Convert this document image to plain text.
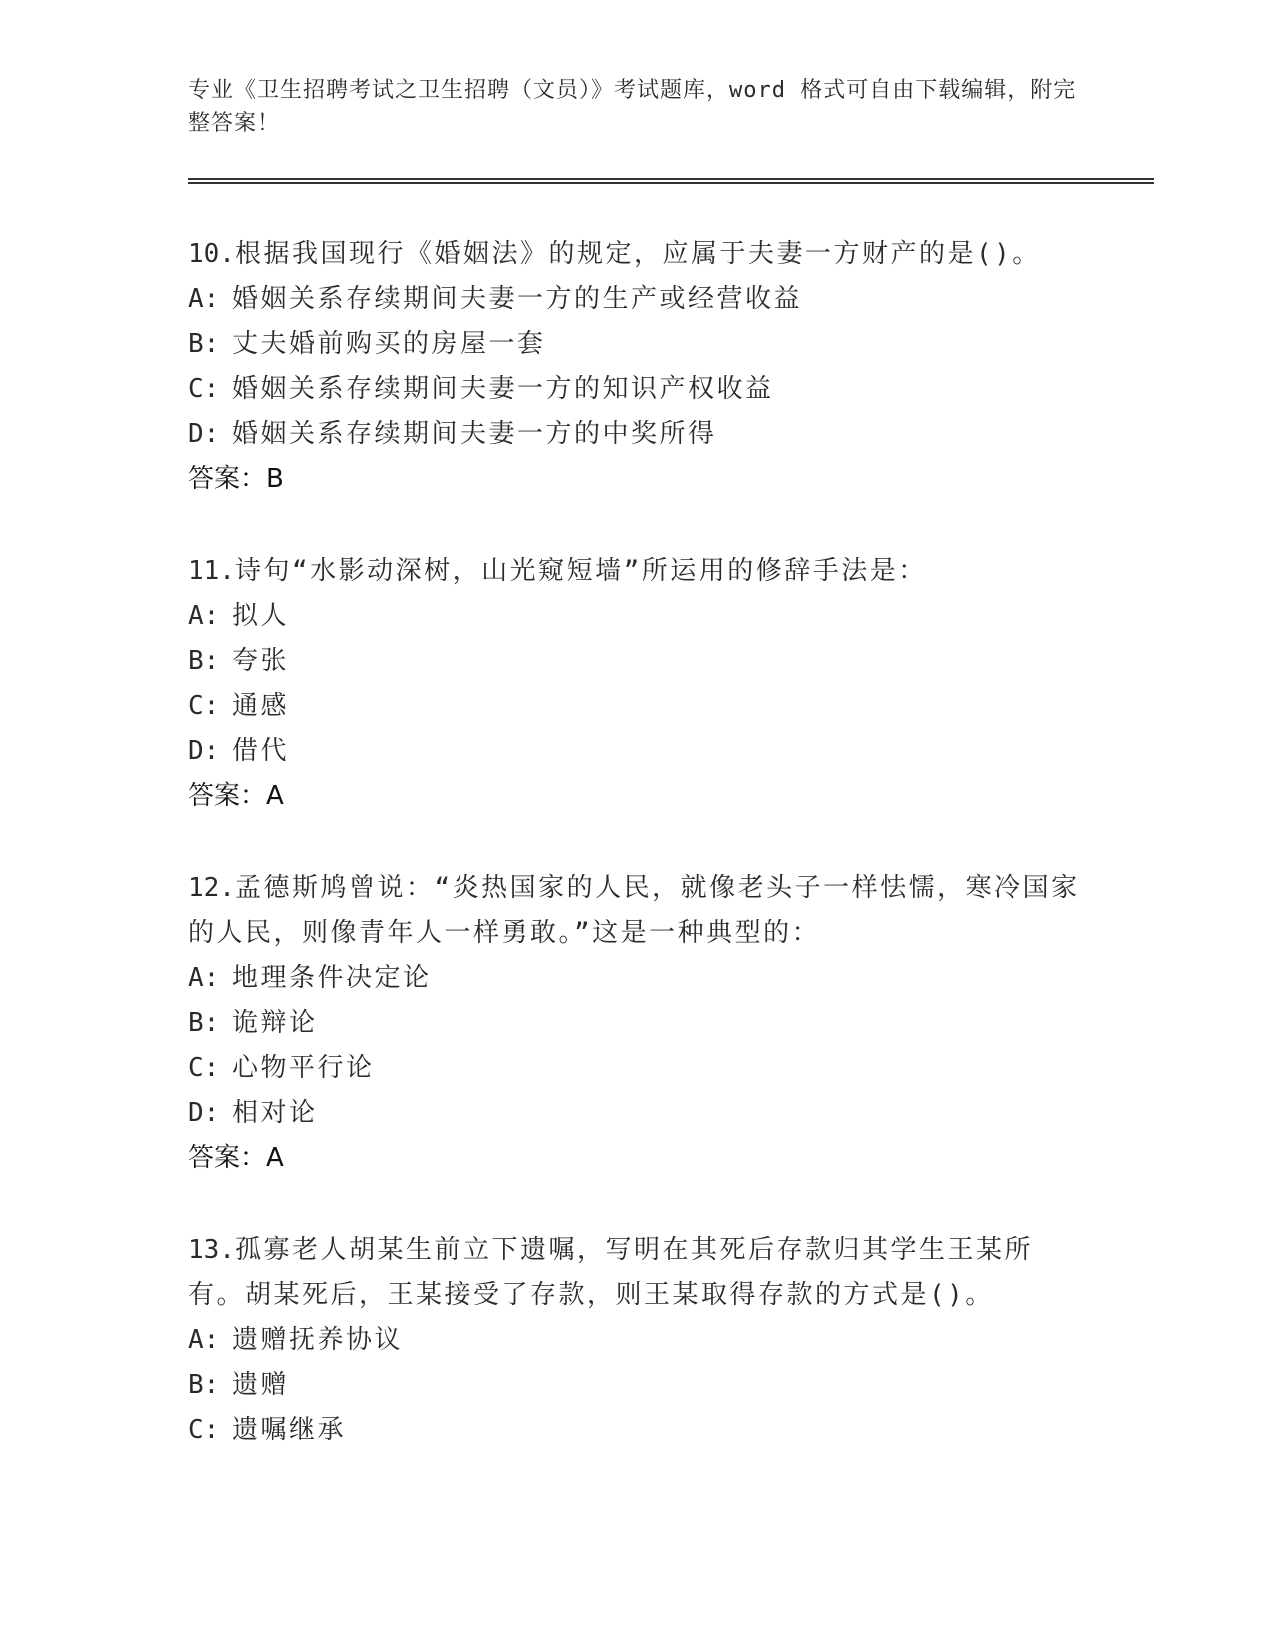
专业《卫生招聘考试之卫生招聘（文员）》考试题库，word 格式可自由下载编辑，附完整答案！
10.根据我国现行《婚姻法》的规定，应属于夫妻一方财产的是()。
A: 婚姻关系存续期间夫妻一方的生产或经营收益
B: 丈夫婚前购买的房屋一套
C: 婚姻关系存续期间夫妻一方的知识产权收益
D: 婚姻关系存续期间夫妻一方的中奖所得
答案：B
11.诗句“水影动深树，山光窥短墙”所运用的修辞手法是：
A: 拟人
B: 夸张
C: 通感
D: 借代
答案：A
12.孟德斯鸠曾说：“炎热国家的人民，就像老头子一样怯懦，寒冷国家的人民，则像青年人一样勇敢。”这是一种典型的：
A: 地理条件决定论
B: 诡辩论
C: 心物平行论
D: 相对论
答案：A
13.孤寡老人胡某生前立下遗嘱，写明在其死后存款归其学生王某所有。胡某死后，王某接受了存款，则王某取得存款的方式是()。
A: 遗赠抚养协议
B: 遗赠
C: 遗嘱继承
